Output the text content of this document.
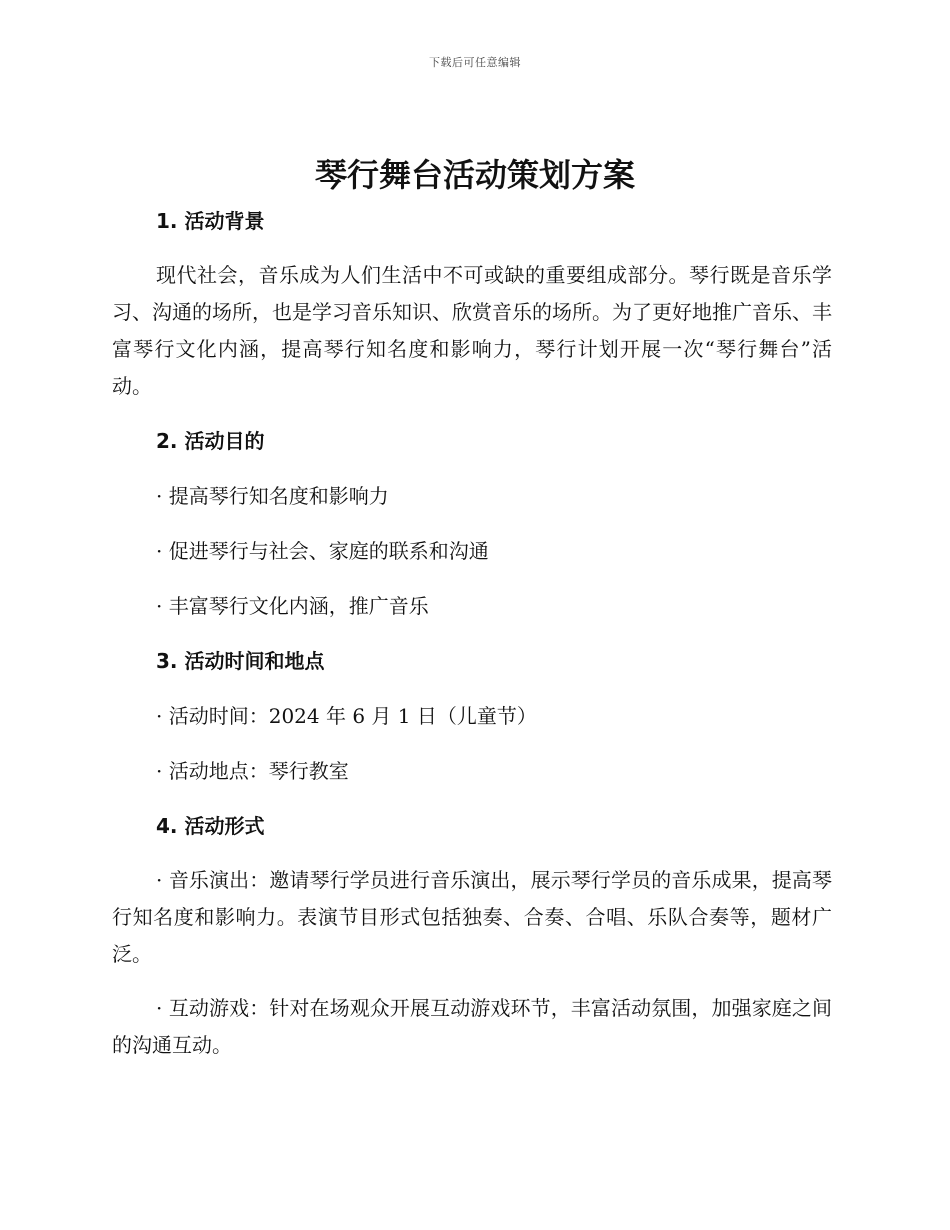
下载后可任意编辑
琴行舞台活动策划方案
1. 活动背景

现代社会，音乐成为人们生活中不可或缺的重要组成部分。琴行既是音乐学习、沟通的场所，也是学习音乐知识、欣赏音乐的场所。为了更好地推广音乐、丰富琴行文化内涵，提高琴行知名度和影响力，琴行计划开展一次“琴行舞台”活动。

2. 活动目的
· 提高琴行知名度和影响力
· 促进琴行与社会、家庭的联系和沟通
· 丰富琴行文化内涵，推广音乐
3. 活动时间和地点
· 活动时间：2024 年 6 月 1 日（儿童节）
· 活动地点：琴行教室
4. 活动形式

· 音乐演出：邀请琴行学员进行音乐演出，展示琴行学员的音乐成果，提高琴行知名度和影响力。表演节目形式包括独奏、合奏、合唱、乐队合奏等，题材广泛。

· 互动游戏：针对在场观众开展互动游戏环节，丰富活动氛围，加强家庭之间的沟通互动。
